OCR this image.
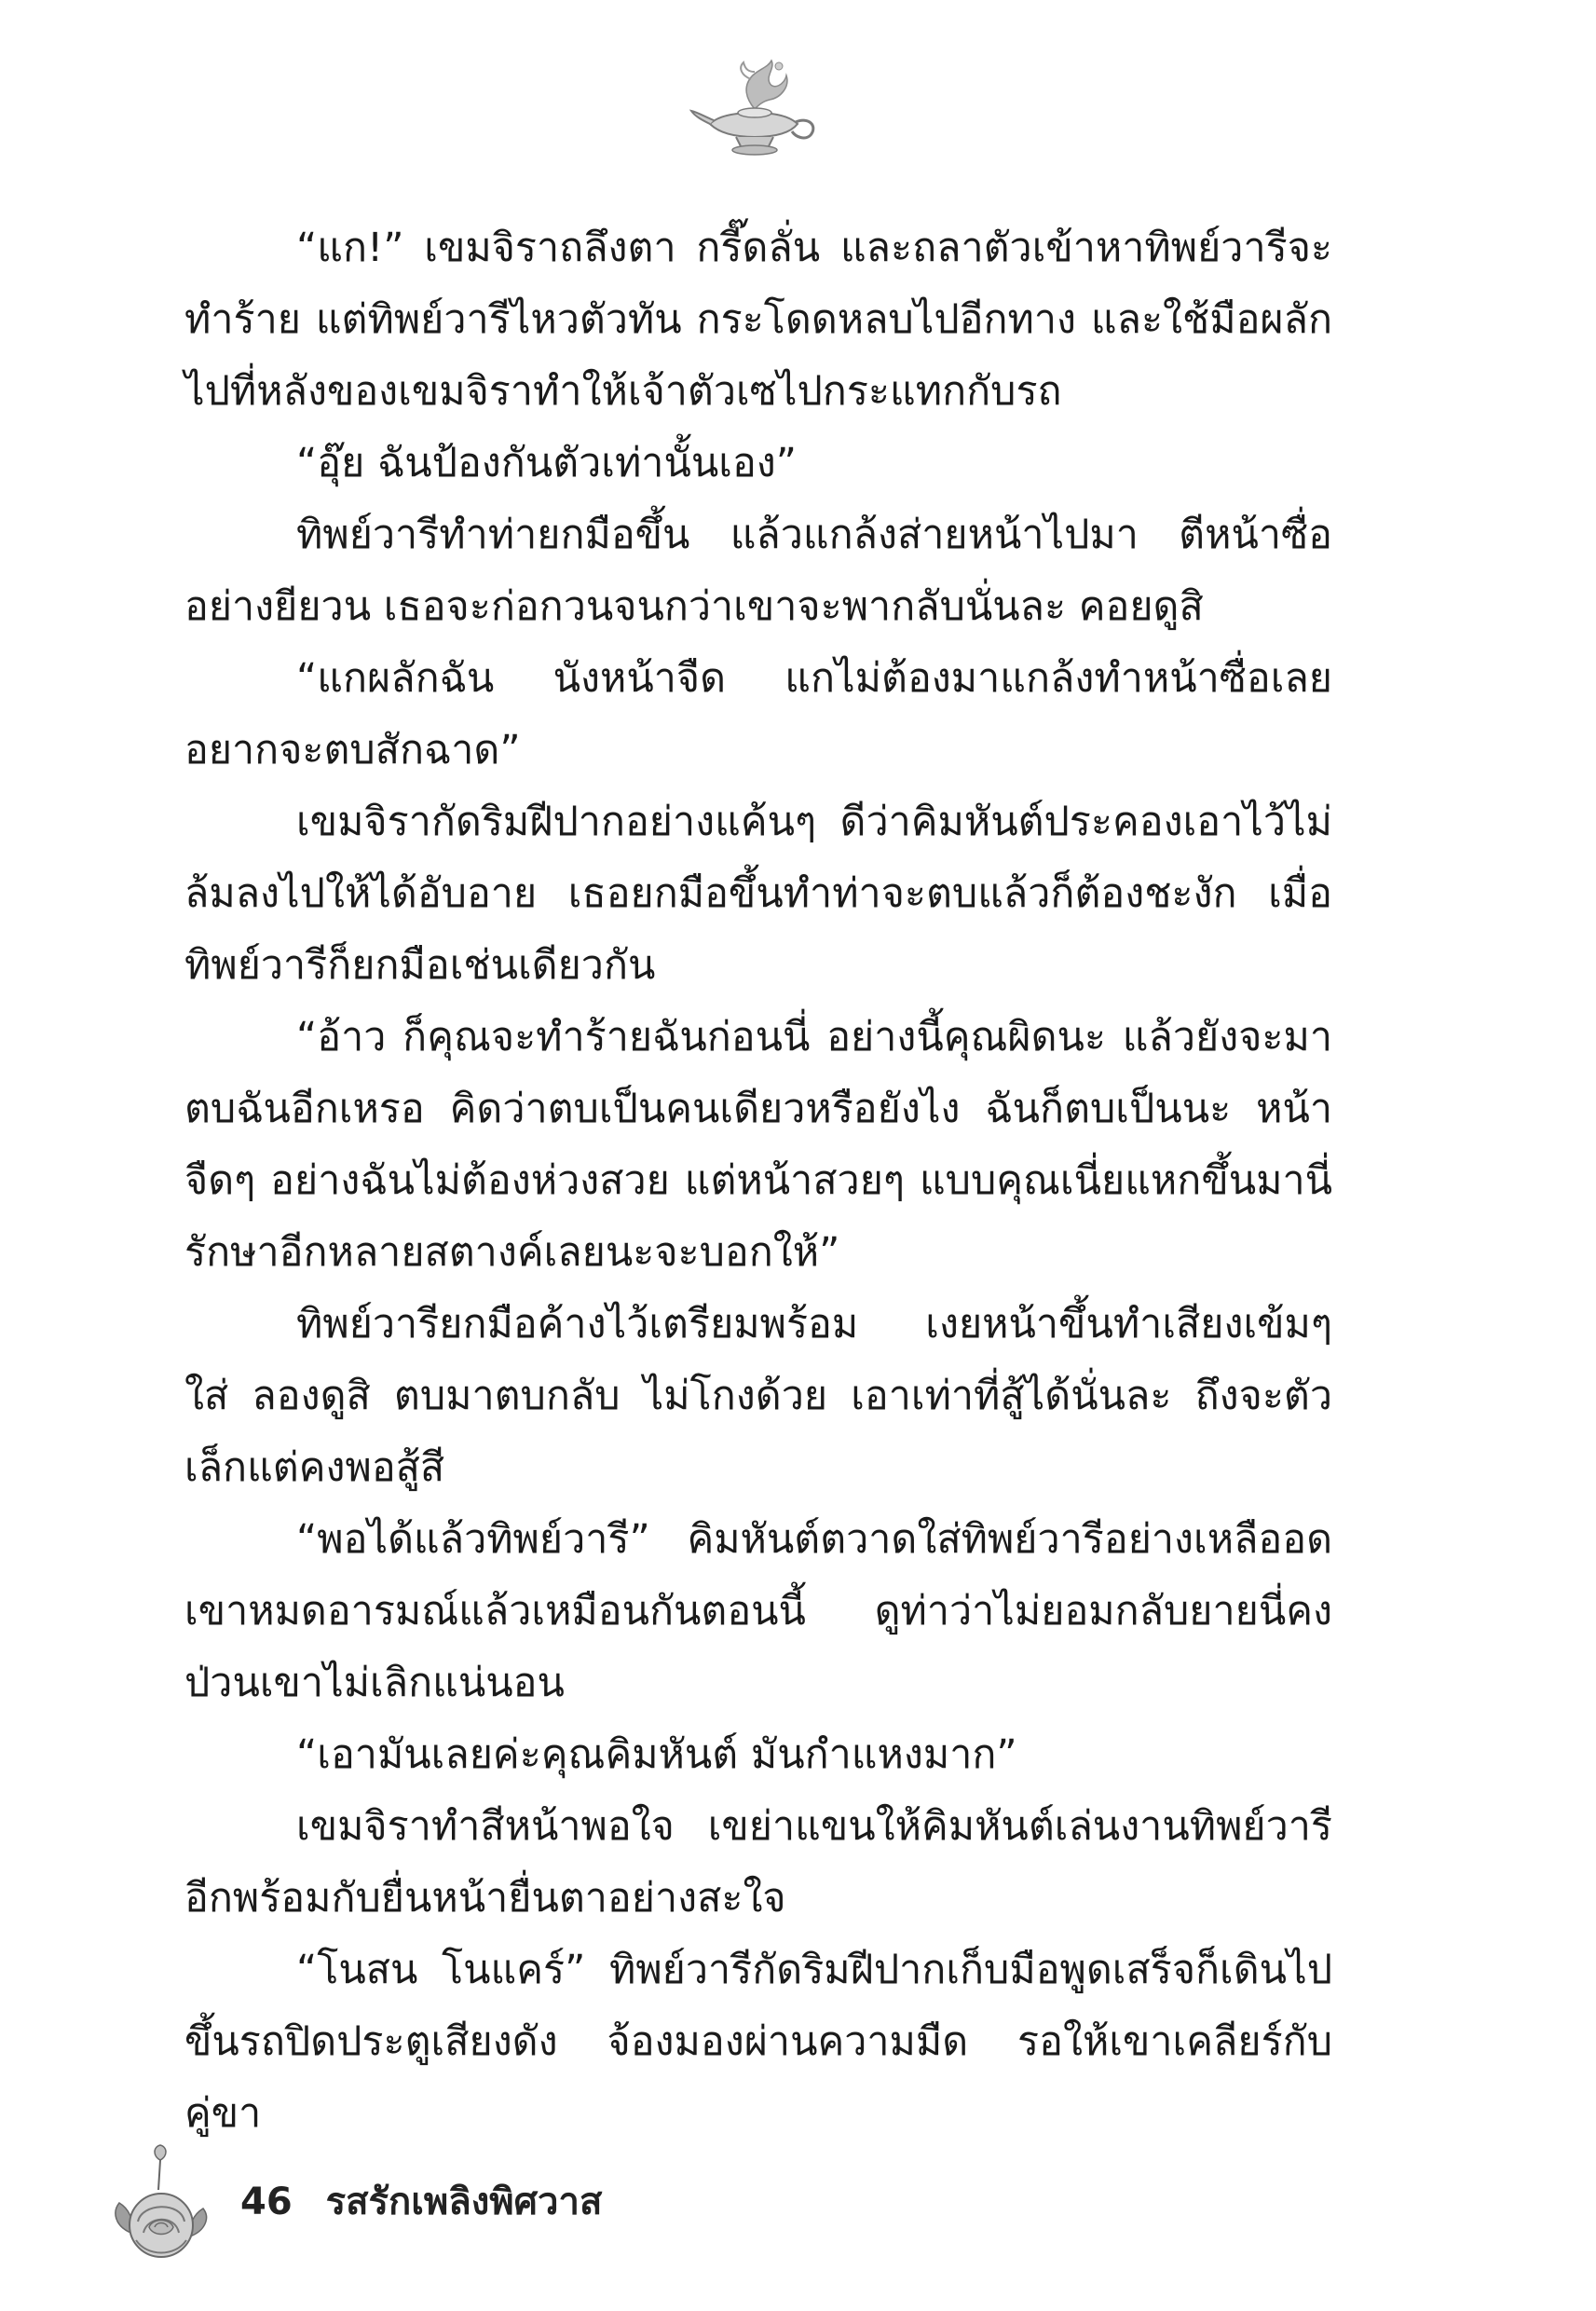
“แก!” เขมจิราถลึงตา กรี๊ดลั่น และถลาตัวเข้าหาทิพย์วารีจะทำร้าย แต่ทิพย์วารีไหวตัวทัน กระโดดหลบไปอีกทาง และใช้มือผลักไปที่หลังของเขมจิราทำให้เจ้าตัวเซไปกระแทกกับรถ

“อุ๊ย ฉันป้องกันตัวเท่านั้นเอง”

ทิพย์วารีทำท่ายกมือขึ้น แล้วแกล้งส่ายหน้าไปมา ตีหน้าซื่ออย่างยียวน เธอจะก่อกวนจนกว่าเขาจะพากลับนั่นละ คอยดูสิ

“แกผลักฉัน นังหน้าจืด แกไม่ต้องมาแกล้งทำหน้าซื่อเลย อยากจะตบสักฉาด”

เขมจิรากัดริมฝีปากอย่างแค้นๆ ดีว่าคิมหันต์ประคองเอาไว้ไม่ล้มลงไปให้ได้อับอาย เธอยกมือขึ้นทำท่าจะตบแล้วก็ต้องชะงัก เมื่อทิพย์วารีก็ยกมือเช่นเดียวกัน

“อ้าว ก็คุณจะทำร้ายฉันก่อนนี่ อย่างนี้คุณผิดนะ แล้วยังจะมาตบฉันอีกเหรอ คิดว่าตบเป็นคนเดียวหรือยังไง ฉันก็ตบเป็นนะ หน้าจืดๆ อย่างฉันไม่ต้องห่วงสวย แต่หน้าสวยๆ แบบคุณเนี่ยแหกขึ้นมานี่รักษาอีกหลายสตางค์เลยนะจะบอกให้”

ทิพย์วารียกมือค้างไว้เตรียมพร้อม เงยหน้าขึ้นทำเสียงเข้มๆ ใส่ ลองดูสิ ตบมาตบกลับ ไม่โกงด้วย เอาเท่าที่สู้ได้นั่นละ ถึงจะตัวเล็กแต่คงพอสู้สี

“พอได้แล้วทิพย์วารี” คิมหันต์ตวาดใส่ทิพย์วารีอย่างเหลืออด เขาหมดอารมณ์แล้วเหมือนกันตอนนี้ ดูท่าว่าไม่ยอมกลับยายนี่คงป่วนเขาไม่เลิกแน่นอน

“เอามันเลยค่ะคุณคิมหันต์ มันกำแหงมาก”

เขมจิราทำสีหน้าพอใจ เขย่าแขนให้คิมหันต์เล่นงานทิพย์วารีอีกพร้อมกับยื่นหน้ายื่นตาอย่างสะใจ

“โนสน โนแคร์” ทิพย์วารีกัดริมฝีปากเก็บมือพูดเสร็จก็เดินไปขึ้นรถปิดประตูเสียงดัง จ้องมองผ่านความมืด รอให้เขาเคลียร์กับคู่ขา

46 รสรักเพลิงพิศวาส
